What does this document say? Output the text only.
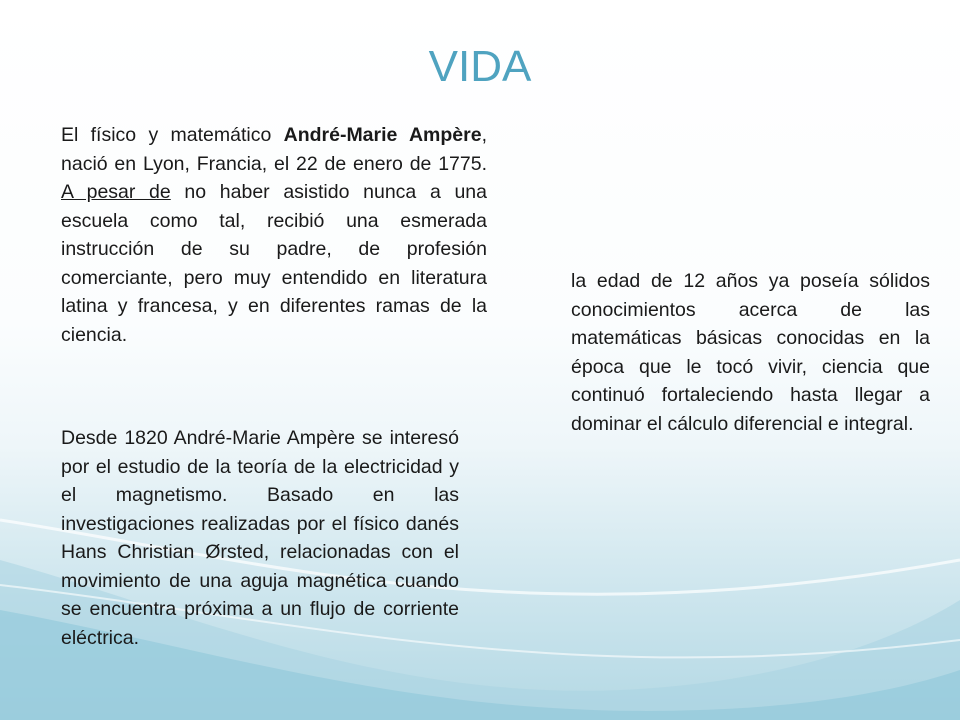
VIDA

El físico y matemático André-Marie Ampère, nació en Lyon, Francia, el 22 de enero de 1775. A pesar de no haber asistido nunca a una escuela como tal, recibió una esmerada instrucción de su padre, de profesión comerciante, pero muy entendido en literatura latina y francesa, y en diferentes ramas de la ciencia.

la edad de 12 años ya poseía sólidos conocimientos acerca de las matemáticas básicas conocidas en la época que le tocó vivir, ciencia que continuó fortaleciendo hasta llegar a dominar el cálculo diferencial e integral.

Desde 1820 André-Marie Ampère se interesó por el estudio de la teoría de la electricidad y el magnetismo. Basado en las investigaciones realizadas por el físico danés Hans Christian Ørsted, relacionadas con el movimiento de una aguja magnética cuando se encuentra próxima a un flujo de corriente eléctrica.
